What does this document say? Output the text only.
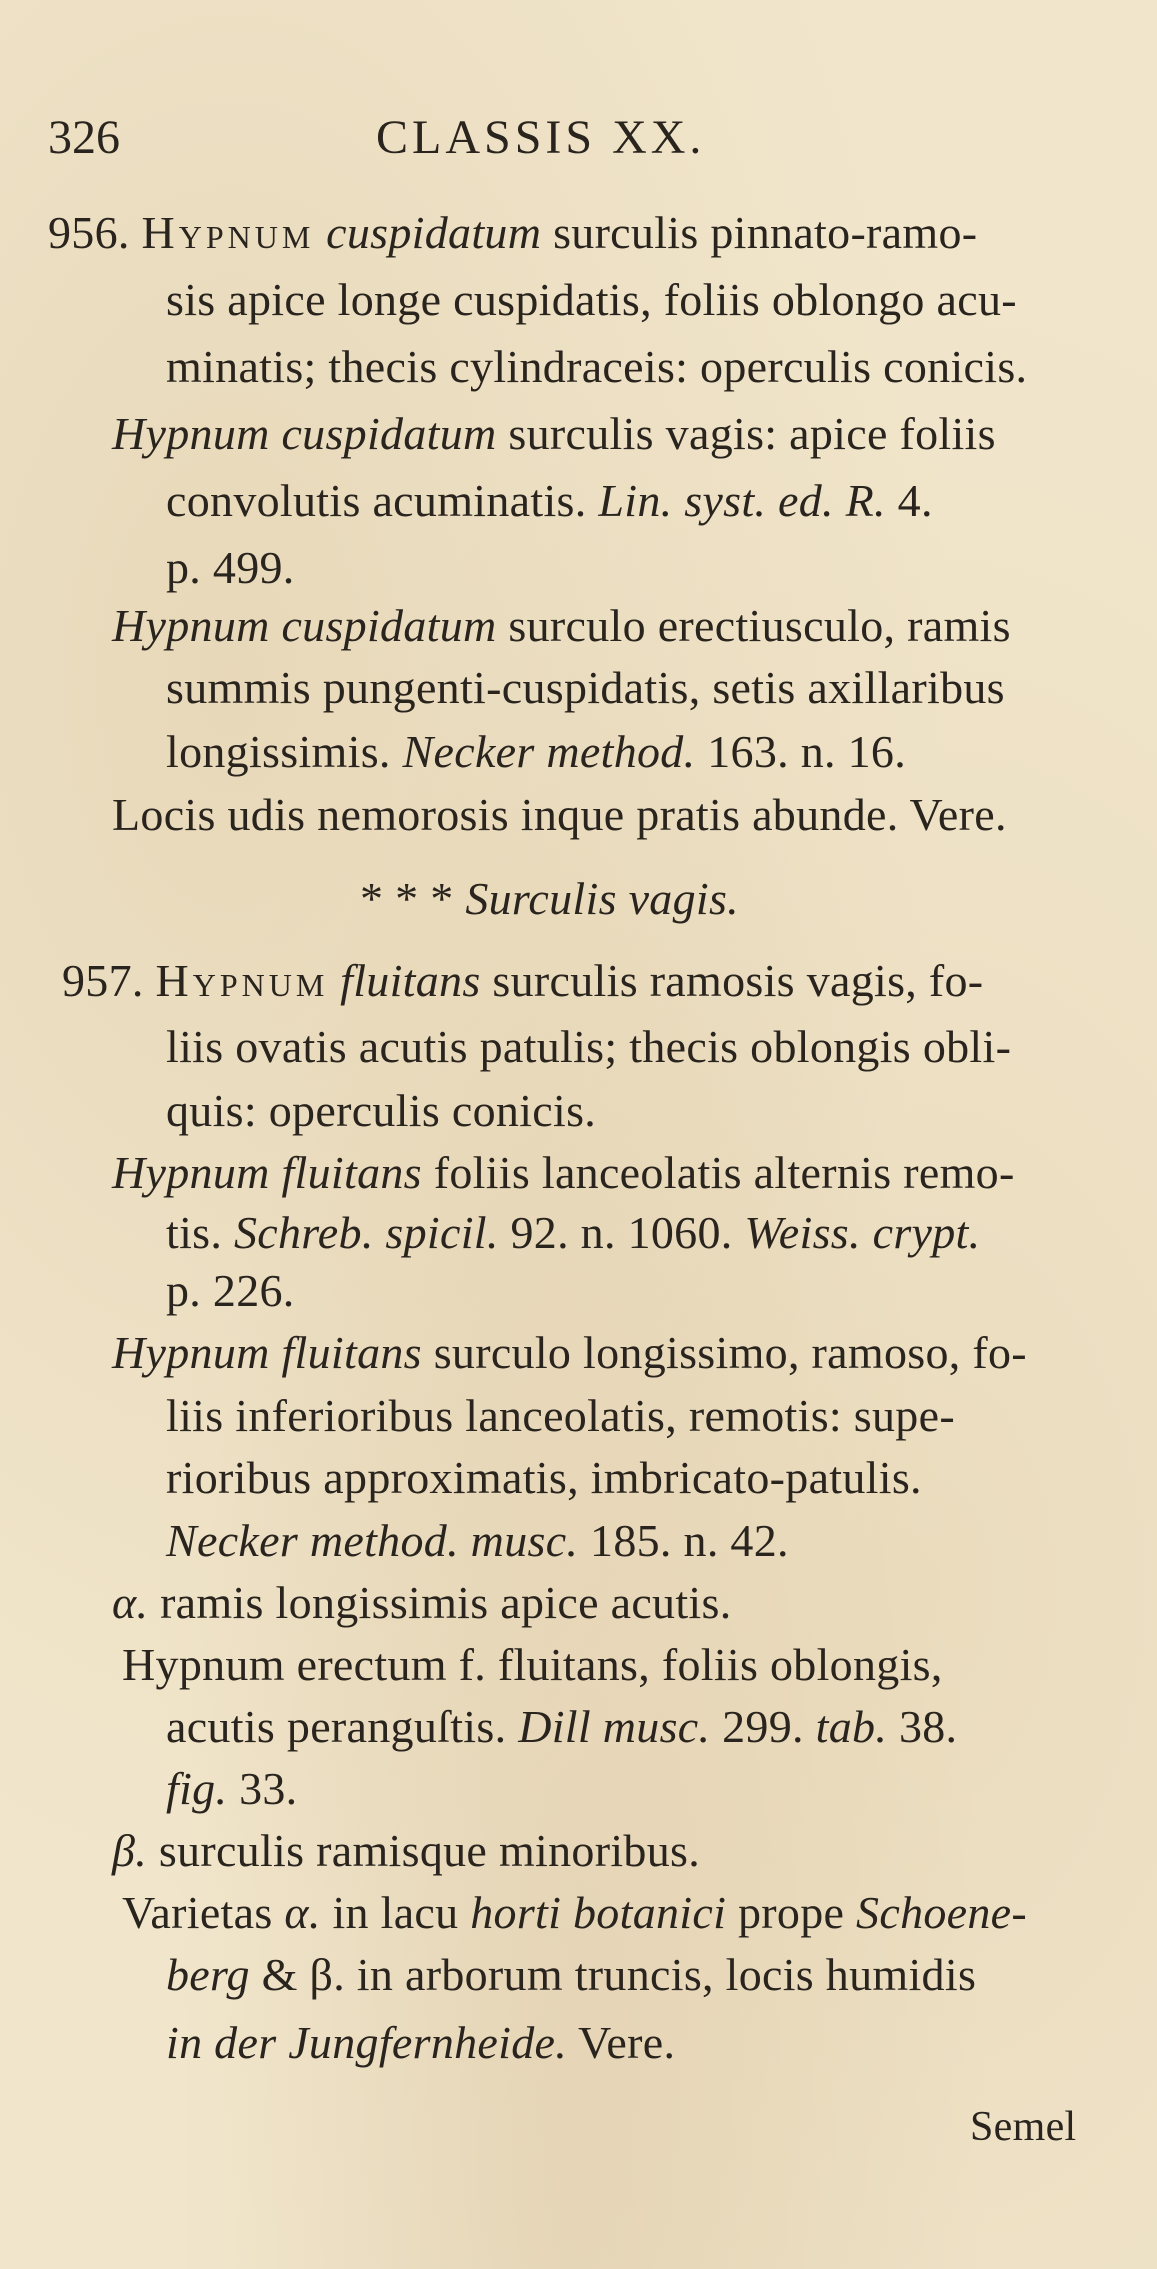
326	CLASSIS XX.
956. Hypnum cuspidatum surculis pinnato-ramo-
sis apice longe cuspidatis, foliis oblongo acu-
minatis; thecis cylindraceis: operculis conicis.
Hypnum cuspidatum surculis vagis: apice foliis
convolutis acuminatis. Lin. syst. ed. R. 4.
p. 499.
Hypnum cuspidatum surculo erectiusculo, ramis
summis pungenti-cuspidatis, setis axillaribus
longissimis. Necker method. 163. n. 16.
Locis udis nemorosis inque pratis abunde. Vere.
* * * Surculis vagis.
957. Hypnum fluitans surculis ramosis vagis, fo-
liis ovatis acutis patulis; thecis oblongis obli-
quis: operculis conicis.
Hypnum fluitans foliis lanceolatis alternis remo-
tis. Schreb. spicil. 92. n. 1060. Weiss. crypt.
p. 226.
Hypnum fluitans surculo longissimo, ramoso, fo-
liis inferioribus lanceolatis, remotis: supe-
rioribus approximatis, imbricato-patulis.
Necker method. musc. 185. n. 42.
α. ramis longissimis apice acutis.
Hypnum erectum f. fluitans, foliis oblongis,
acutis peranguſtis. Dill musc. 299. tab. 38.
fig. 33.
β. surculis ramisque minoribus.
Varietas α. in lacu horti botanici prope Schoene-
berg & β. in arborum truncis, locis humidis
in der Jungfernheide. Vere.
Semel
